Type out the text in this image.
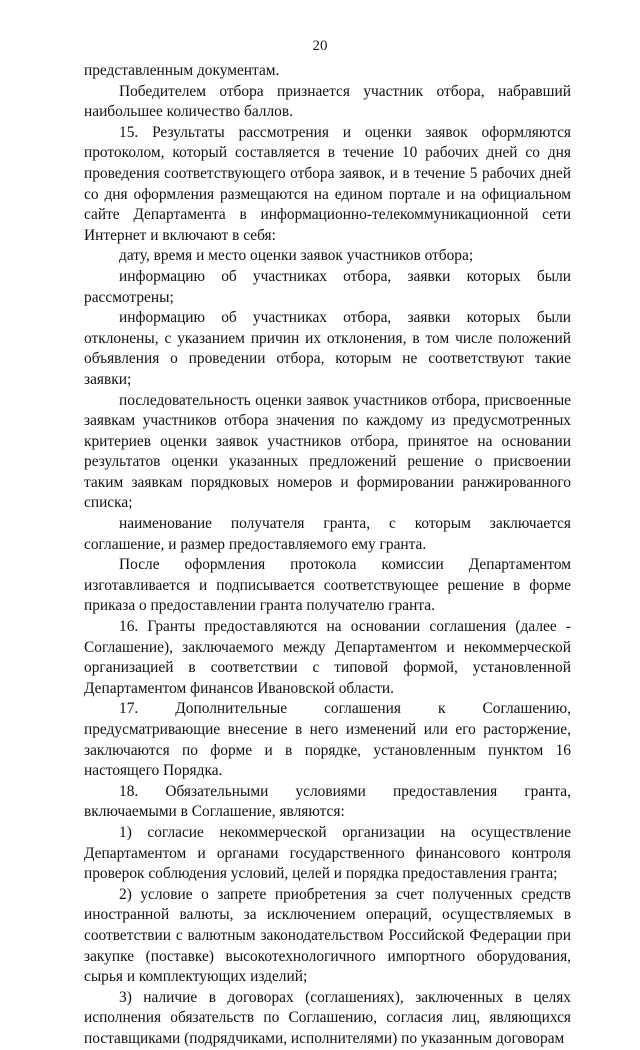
20

представленным документам.

Победителем отбора признается участник отбора, набравший наибольшее количество баллов.

15. Результаты рассмотрения и оценки заявок оформляются протоколом, который составляется в течение 10 рабочих дней со дня проведения соответствующего отбора заявок, и в течение 5 рабочих дней со дня оформления размещаются на едином портале и на официальном сайте Департамента в информационно-телекоммуникационной сети Интернет и включают в себя:

дату, время и место оценки заявок участников отбора;

информацию об участниках отбора, заявки которых были рассмотрены;

информацию об участниках отбора, заявки которых были отклонены, с указанием причин их отклонения, в том числе положений объявления о проведении отбора, которым не соответствуют такие заявки;

последовательность оценки заявок участников отбора, присвоенные заявкам участников отбора значения по каждому из предусмотренных критериев оценки заявок участников отбора, принятое на основании результатов оценки указанных предложений решение о присвоении таким заявкам порядковых номеров и формировании ранжированного списка;

наименование получателя гранта, с которым заключается соглашение, и размер предоставляемого ему гранта.

После оформления протокола комиссии Департаментом изготавливается и подписывается соответствующее решение в форме приказа о предоставлении гранта получателю гранта.

16. Гранты предоставляются на основании соглашения (далее - Соглашение), заключаемого между Департаментом и некоммерческой организацией в соответствии с типовой формой, установленной Департаментом финансов Ивановской области.

17. Дополнительные соглашения к Соглашению, предусматривающие внесение в него изменений или его расторжение, заключаются по форме и в порядке, установленным пунктом 16 настоящего Порядка.

18. Обязательными условиями предоставления гранта, включаемыми в Соглашение, являются:

1) согласие некоммерческой организации на осуществление Департаментом и органами государственного финансового контроля проверок соблюдения условий, целей и порядка предоставления гранта;

2) условие о запрете приобретения за счет полученных средств иностранной валюты, за исключением операций, осуществляемых в соответствии с валютным законодательством Российской Федерации при закупке (поставке) высокотехнологичного импортного оборудования, сырья и комплектующих изделий;

3) наличие в договорах (соглашениях), заключенных в целях исполнения обязательств по Соглашению, согласия лиц, являющихся поставщиками (подрядчиками, исполнителями) по указанным договорам
